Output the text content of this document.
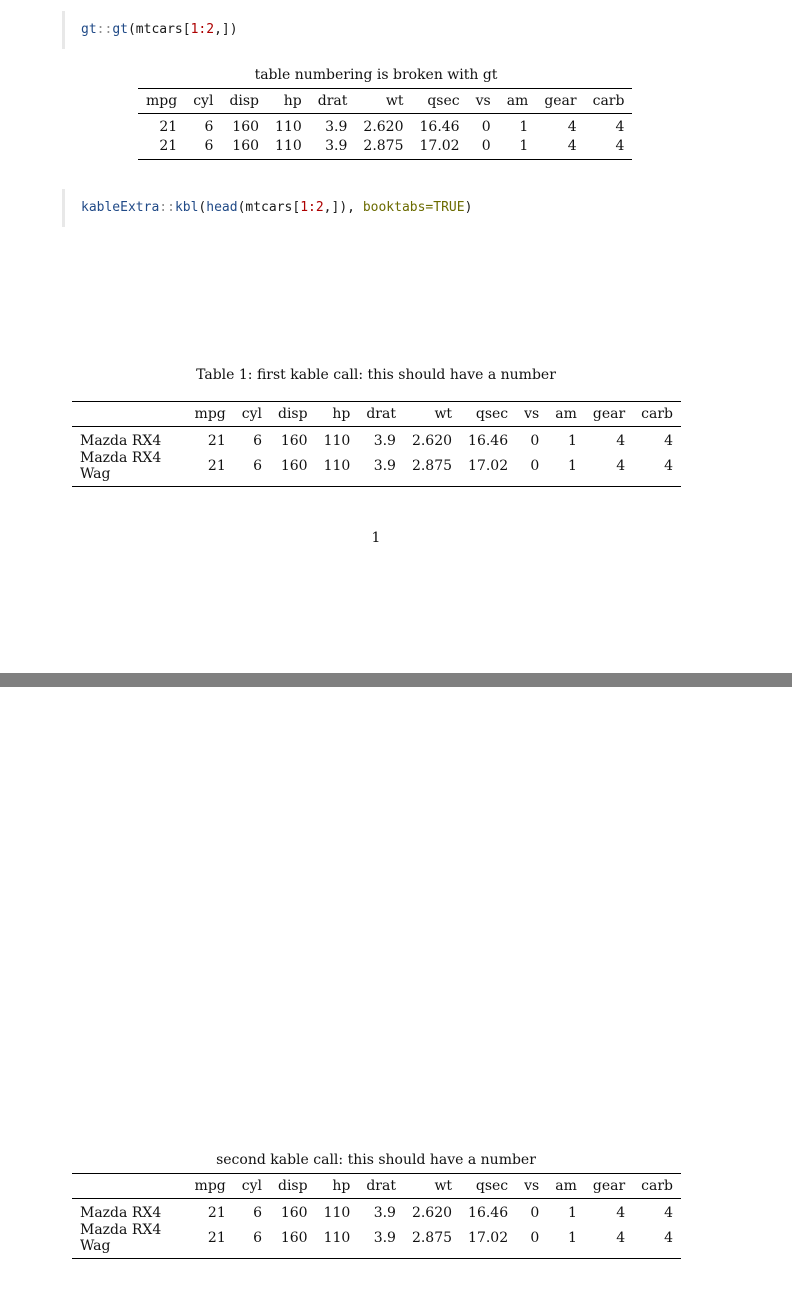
gt::gt(mtcars[1:2,])
table numbering is broken with gt
mpg	cyl	disp	hp	drat	wt	qsec	vs	am	gear	carb
21	6	160	110	3.9	2.620	16.46	0	1	4	4
21	6	160	110	3.9	2.875	17.02	0	1	4	4
kableExtra::kbl(head(mtcars[1:2,]), booktabs=TRUE)
Table 1: first kable call: this should have a number
	mpg	cyl	disp	hp	drat	wt	qsec	vs	am	gear	carb
Mazda RX4	21	6	160	110	3.9	2.620	16.46	0	1	4	4
Mazda RX4 Wag	21	6	160	110	3.9	2.875	17.02	0	1	4	4
1
second kable call: this should have a number
	mpg	cyl	disp	hp	drat	wt	qsec	vs	am	gear	carb
Mazda RX4	21	6	160	110	3.9	2.620	16.46	0	1	4	4
Mazda RX4 Wag	21	6	160	110	3.9	2.875	17.02	0	1	4	4
